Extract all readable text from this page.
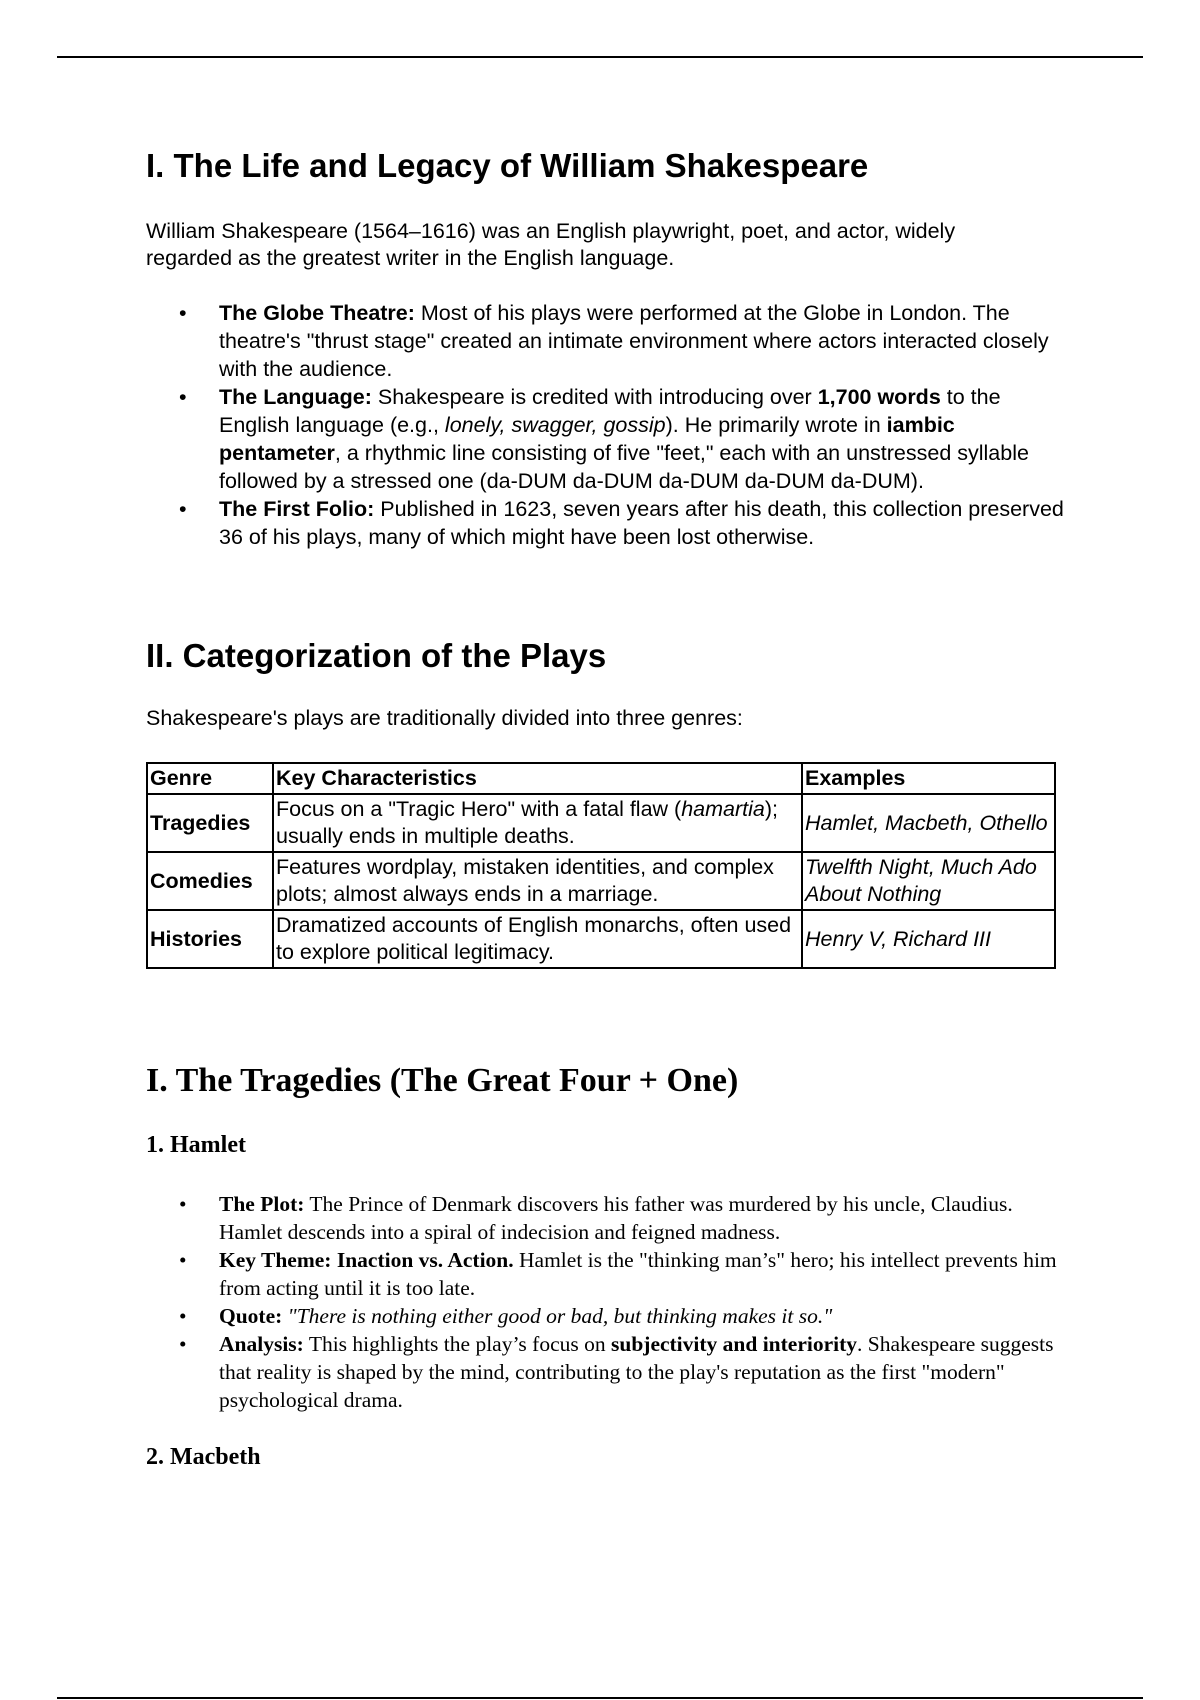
I. The Life and Legacy of William Shakespeare

William Shakespeare (1564–1616) was an English playwright, poet, and actor, widely regarded as the greatest writer in the English language.

• The Globe Theatre: Most of his plays were performed at the Globe in London. The theatre's "thrust stage" created an intimate environment where actors interacted closely with the audience.
• The Language: Shakespeare is credited with introducing over 1,700 words to the English language (e.g., lonely, swagger, gossip). He primarily wrote in iambic pentameter, a rhythmic line consisting of five "feet," each with an unstressed syllable followed by a stressed one (da-DUM da-DUM da-DUM da-DUM da-DUM).
• The First Folio: Published in 1623, seven years after his death, this collection preserved 36 of his plays, many of which might have been lost otherwise.
II. Categorization of the Plays

Shakespeare's plays are traditionally divided into three genres:

Genre	Key Characteristics	Examples
Tragedies	Focus on a "Tragic Hero" with a fatal flaw (hamartia); usually ends in multiple deaths.	Hamlet, Macbeth, Othello
Comedies	Features wordplay, mistaken identities, and complex plots; almost always ends in a marriage.	Twelfth Night, Much Ado About Nothing
Histories	Dramatized accounts of English monarchs, often used to explore political legitimacy.	Henry V, Richard III
I. The Tragedies (The Great Four + One)
1. Hamlet
• The Plot: The Prince of Denmark discovers his father was murdered by his uncle, Claudius. Hamlet descends into a spiral of indecision and feigned madness.
• Key Theme: Inaction vs. Action. Hamlet is the "thinking man’s" hero; his intellect prevents him from acting until it is too late.
• Quote: "There is nothing either good or bad, but thinking makes it so."
• Analysis: This highlights the play’s focus on subjectivity and interiority. Shakespeare suggests that reality is shaped by the mind, contributing to the play's reputation as the first "modern" psychological drama.
2. Macbeth
